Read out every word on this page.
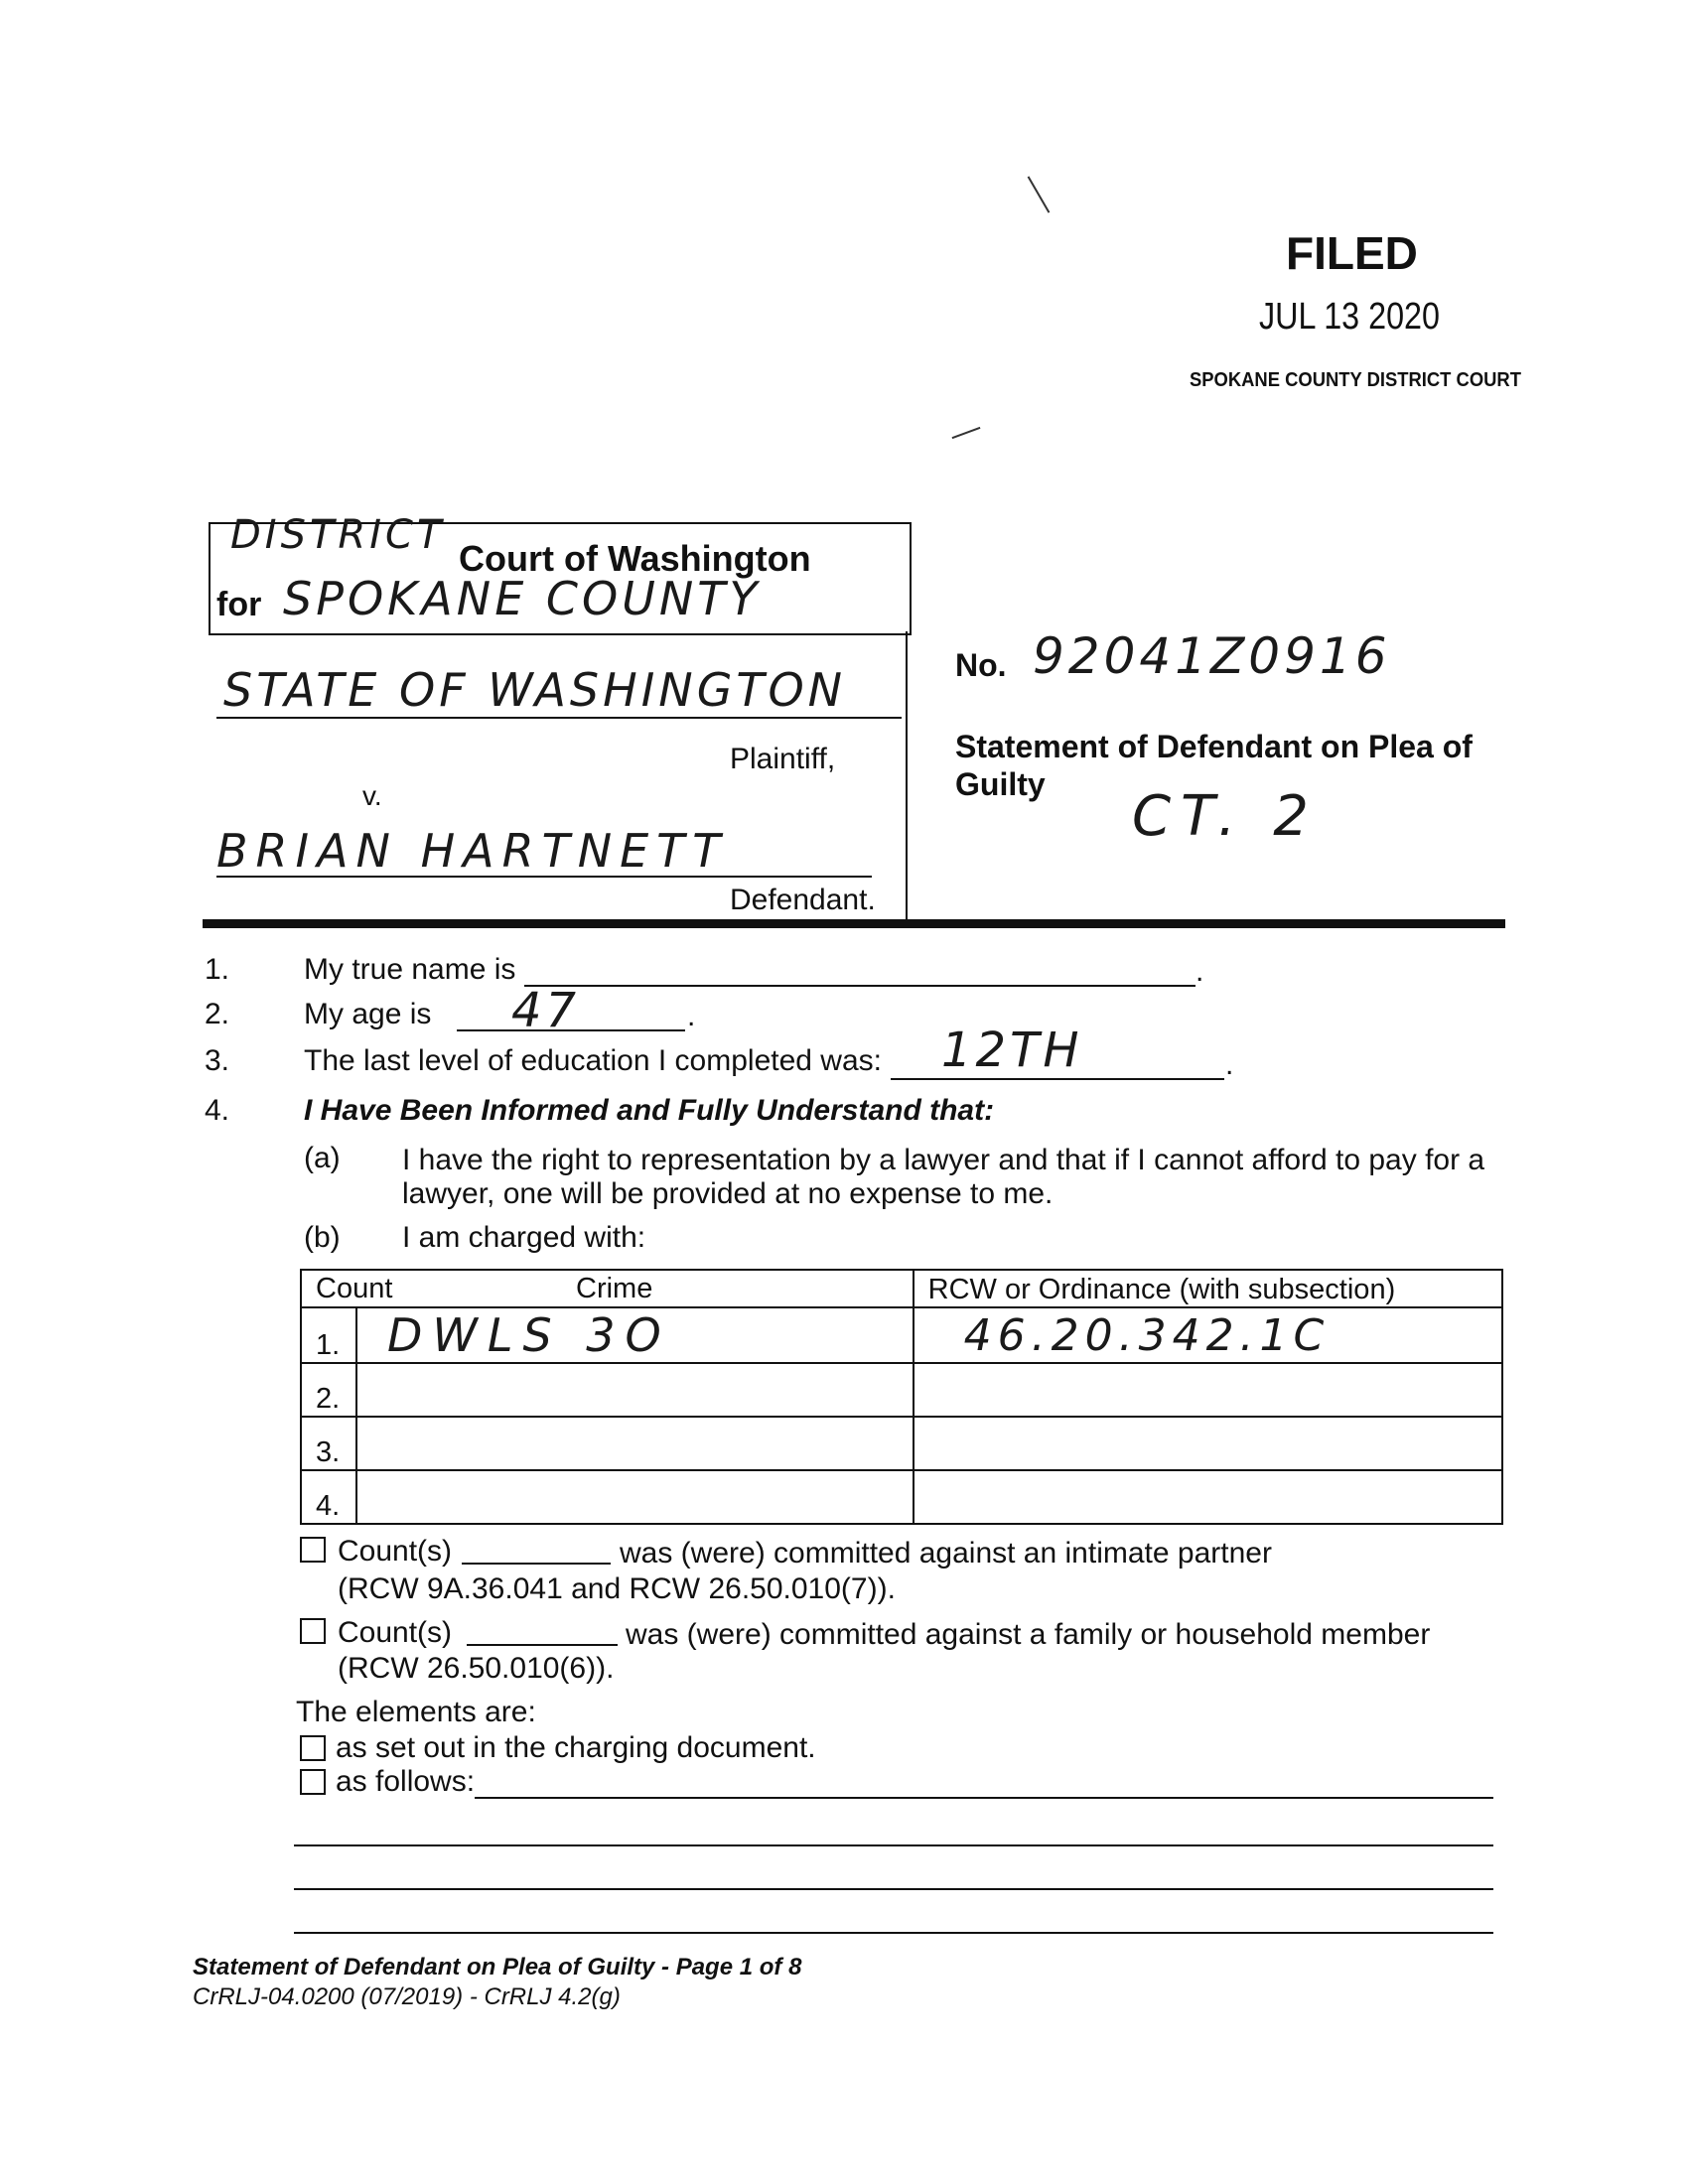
FILED
JUL 13 2020
SPOKANE COUNTY DISTRICT COURT
DISTRICT
Court of Washington
for SPOKANE COUNTY
STATE OF WASHINGTON
Plaintiff,
v.
BRIAN HARTNETT
Defendant.
No. 92041Z0916
Statement of Defendant on Plea of Guilty	CT. 2
1. My true name is	.
2. My age is 47	.
3. The last level of education I completed was: 12TH	.
4. I Have Been Informed and Fully Understand that:
(a) I have the right to representation by a lawyer and that if I cannot afford to pay for a
lawyer, one will be provided at no expense to me.
(b) I am charged with:
Count Crime		RCW or Ordinance (with subsection)
1.	DWLS 3O	46.20.342.1C
2.		
3.		
4.		
Count(s)	was (were) committed against an intimate partner
(RCW 9A.36.041 and RCW 26.50.010(7)).
Count(s)	was (were) committed against a family or household member
(RCW 26.50.010(6)).
The elements are:
as set out in the charging document.
as follows:
Statement of Defendant on Plea of Guilty - Page 1 of 8
CrRLJ-04.0200 (07/2019) - CrRLJ 4.2(g)
